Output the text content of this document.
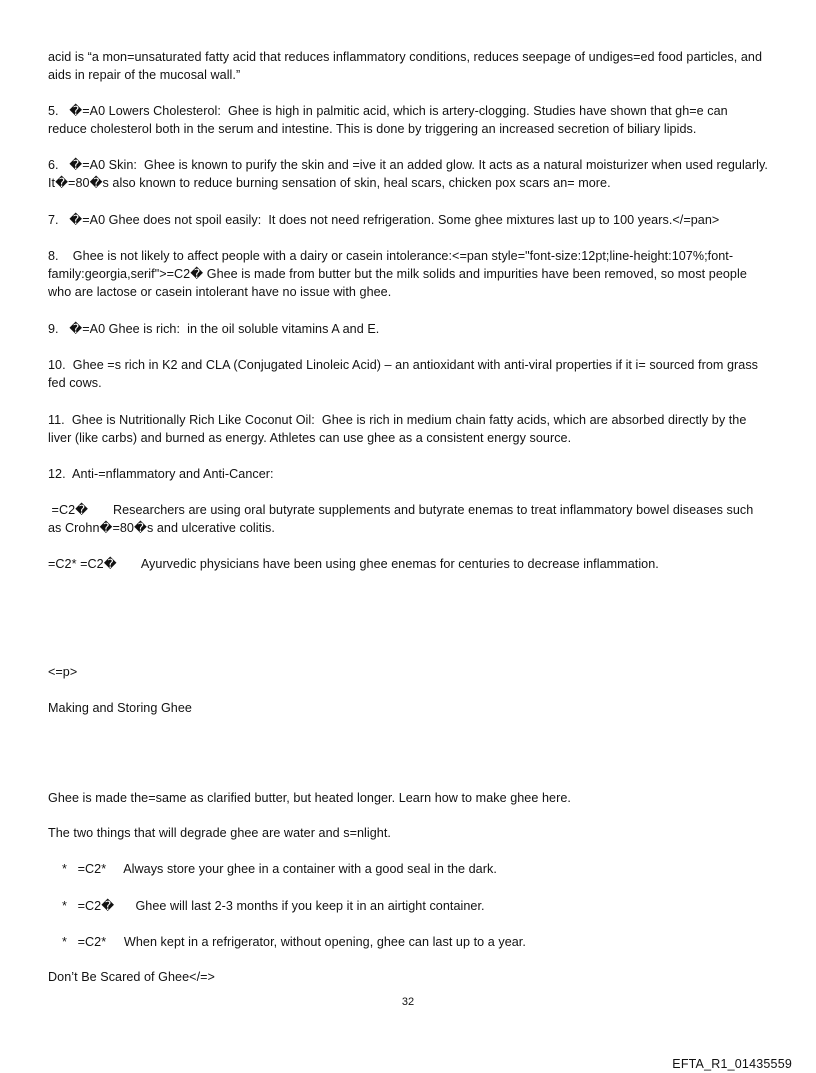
acid is “a mon=unsaturated fatty acid that reduces inflammatory conditions, reduces seepage of undiges=ed food particles, and aids in repair of the mucosal wall.”

5.   �=A0 Lowers Cholesterol:  Ghee is high in palmitic acid, which is artery-clogging. Studies have shown that gh=e can reduce cholesterol both in the serum and intestine. This is done by triggering an increased secretion of biliary lipids.

6.   �=A0 Skin:  Ghee is known to purify the skin and =ive it an added glow. It acts as a natural moisturizer when used regularly. It�=80�s also known to reduce burning sensation of skin, heal scars, chicken pox scars an= more.

7.   �=A0 Ghee does not spoil easily:  It does not need refrigeration. Some ghee mixtures last up to 100 years.</=pan>

8.    Ghee is not likely to affect people with a dairy or casein intolerance:<=pan style="font-size:12pt;line-height:107%;font-family:georgia,serif">=C2� Ghee is made from butter but the milk solids and impurities have been removed, so most people who are lactose or casein intolerant have no issue with ghee.

9.   �=A0 Ghee is rich:  in the oil soluble vitamins A and E.

10.  Ghee =s rich in K2 and CLA (Conjugated Linoleic Acid) – an antioxidant with anti-viral properties if it i= sourced from grass fed cows.

11.  Ghee is Nutritionally Rich Like Coconut Oil:  Ghee is rich in medium chain fatty acids, which are absorbed directly by the liver (like carbs) and burned as energy. Athletes can use ghee as a consistent energy source.

12.  Anti-=nflammatory and Anti-Cancer:

=C2�       Researchers are using oral butyrate supplements and butyrate enemas to treat inflammatory bowel diseases such as Crohn�=80�s and ulcerative colitis.

=C2* =C2�       Ayurvedic physicians have been using ghee enemas for centuries to decrease inflammation.

<=p>

Making and Storing Ghee

Ghee is made the=same as clarified butter, but heated longer. Learn how to make ghee here.

The two things that will degrade ghee are water and s=nlight.

*   =C2*     Always store your ghee in a container with a good seal in the dark.

*   =C2�      Ghee will last 2-3 months if you keep it in an airtight container.

*   =C2*     When kept in a refrigerator, without opening, ghee can last up to a year.

Don’t Be Scared of Ghee</=>

32
EFTA_R1_01435559
